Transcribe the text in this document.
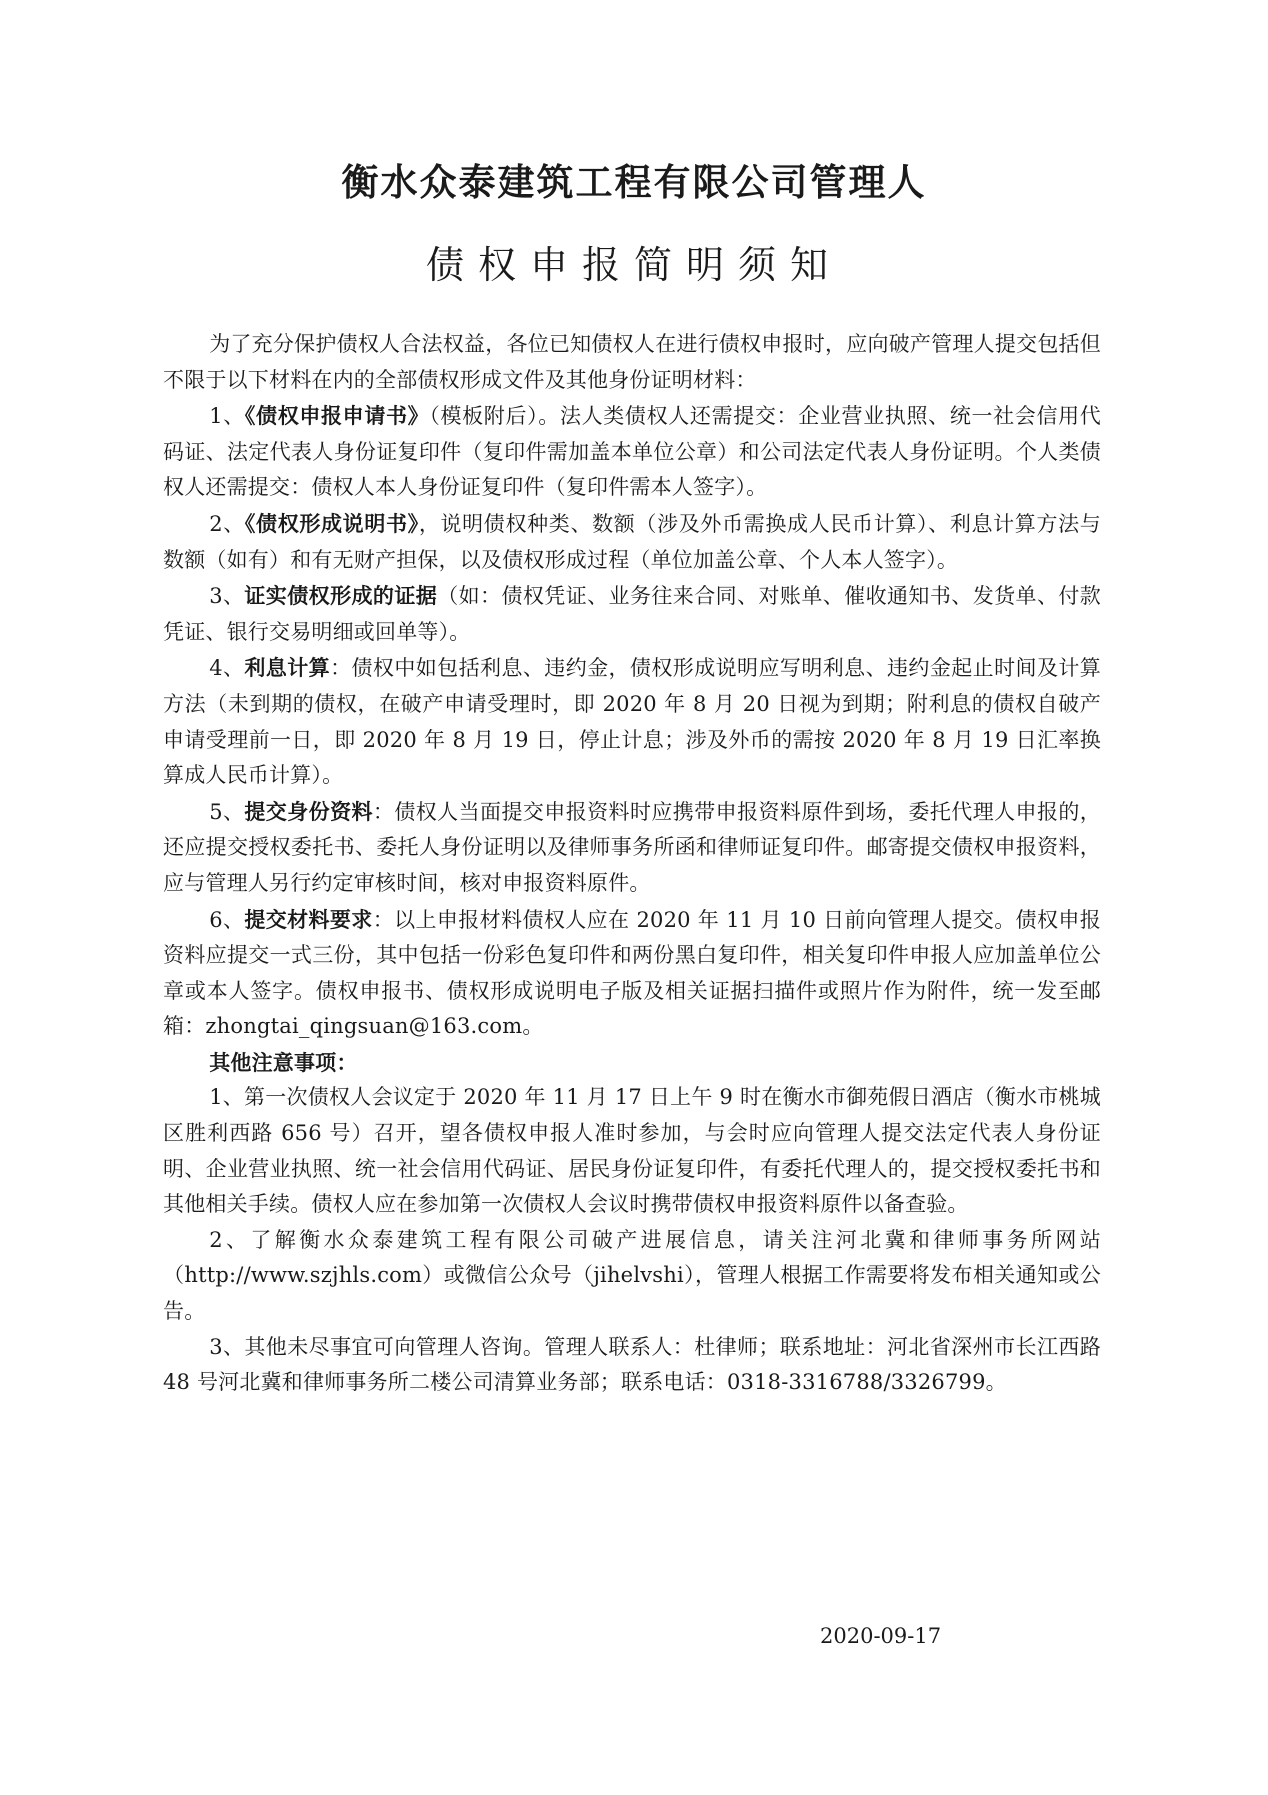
衡水众泰建筑工程有限公司管理人
债权申报简明须知

为了充分保护债权人合法权益，各位已知债权人在进行债权申报时，应向破产管理人提交包括但不限于以下材料在内的全部债权形成文件及其他身份证明材料：

1、《债权申报申请书》（模板附后）。法人类债权人还需提交：企业营业执照、统一社会信用代码证、法定代表人身份证复印件（复印件需加盖本单位公章）和公司法定代表人身份证明。个人类债权人还需提交：债权人本人身份证复印件（复印件需本人签字）。

2、《债权形成说明书》，说明债权种类、数额（涉及外币需换成人民币计算）、利息计算方法与数额（如有）和有无财产担保，以及债权形成过程（单位加盖公章、个人本人签字）。

3、证实债权形成的证据（如：债权凭证、业务往来合同、对账单、催收通知书、发货单、付款凭证、银行交易明细或回单等）。

4、利息计算：债权中如包括利息、违约金，债权形成说明应写明利息、违约金起止时间及计算方法（未到期的债权，在破产申请受理时，即 2020 年 8 月 20 日视为到期；附利息的债权自破产申请受理前一日，即 2020 年 8 月 19 日，停止计息；涉及外币的需按 2020 年 8 月 19 日汇率换算成人民币计算）。

5、提交身份资料：债权人当面提交申报资料时应携带申报资料原件到场，委托代理人申报的，还应提交授权委托书、委托人身份证明以及律师事务所函和律师证复印件。邮寄提交债权申报资料，应与管理人另行约定审核时间，核对申报资料原件。

6、提交材料要求：以上申报材料债权人应在 2020 年 11 月 10 日前向管理人提交。债权申报资料应提交一式三份，其中包括一份彩色复印件和两份黑白复印件，相关复印件申报人应加盖单位公章或本人签字。债权申报书、债权形成说明电子版及相关证据扫描件或照片作为附件，统一发至邮箱：zhongtai_qingsuan@163.com。

其他注意事项：

1、第一次债权人会议定于 2020 年 11 月 17 日上午 9 时在衡水市御苑假日酒店（衡水市桃城区胜利西路 656 号）召开，望各债权申报人准时参加，与会时应向管理人提交法定代表人身份证明、企业营业执照、统一社会信用代码证、居民身份证复印件，有委托代理人的，提交授权委托书和其他相关手续。债权人应在参加第一次债权人会议时携带债权申报资料原件以备查验。

2、了解衡水众泰建筑工程有限公司破产进展信息，请关注河北冀和律师事务所网站（http://www.szjhls.com）或微信公众号（jihelvshi），管理人根据工作需要将发布相关通知或公告。

3、其他未尽事宜可向管理人咨询。管理人联系人：杜律师；联系地址：河北省深州市长江西路 48 号河北冀和律师事务所二楼公司清算业务部；联系电话：0318-3316788/3326799。

2020-09-17
